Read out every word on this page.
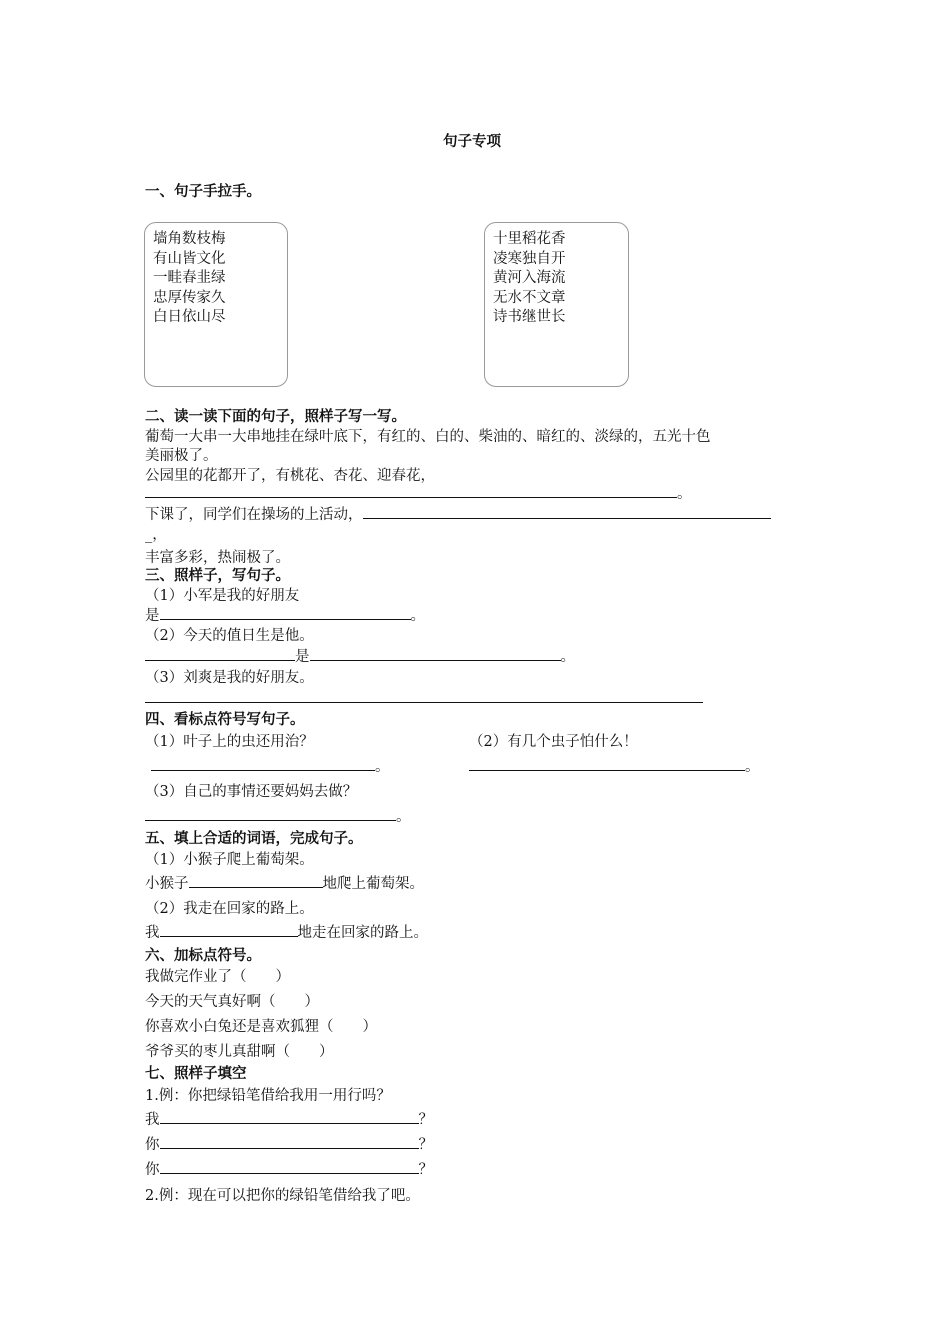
句子专项
一、句子手拉手。
墙角数枝梅
有山皆文化
一畦春韭绿
忠厚传家久
白日依山尽
十里稻花香
凌寒独自开
黄河入海流
无水不文章
诗书继世长
二、读一读下面的句子，照样子写一写。
葡萄一大串一大串地挂在绿叶底下，有红的、白的、柴油的、暗红的、淡绿的，五光十色
美丽极了。
公园里的花都开了，有桃花、杏花、迎春花，
。
下课了，同学们在操场的上活动，
_，
丰富多彩，热闹极了。
三、照样子，写句子。
（1）小军是我的好朋友
是	。
（2）今天的值日生是他。
是	。
（3）刘爽是我的好朋友。
四、看标点符号写句子。
（1）叶子上的虫还用治？	（2）有几个虫子怕什么！
。	。
（3）自己的事情还要妈妈去做？
。
五、填上合适的词语，完成句子。
（1）小猴子爬上葡萄架。
小猴子	地爬上葡萄架。
（2）我走在回家的路上。
我	地走在回家的路上。
六、加标点符号。
我做完作业了（　　）
今天的天气真好啊（　　）
你喜欢小白兔还是喜欢狐狸（　　）
爷爷买的枣儿真甜啊（　　）
七、照样子填空
1.例：你把绿铅笔借给我用一用行吗？
我	？
你	？
你	？
2.例：现在可以把你的绿铅笔借给我了吧。
